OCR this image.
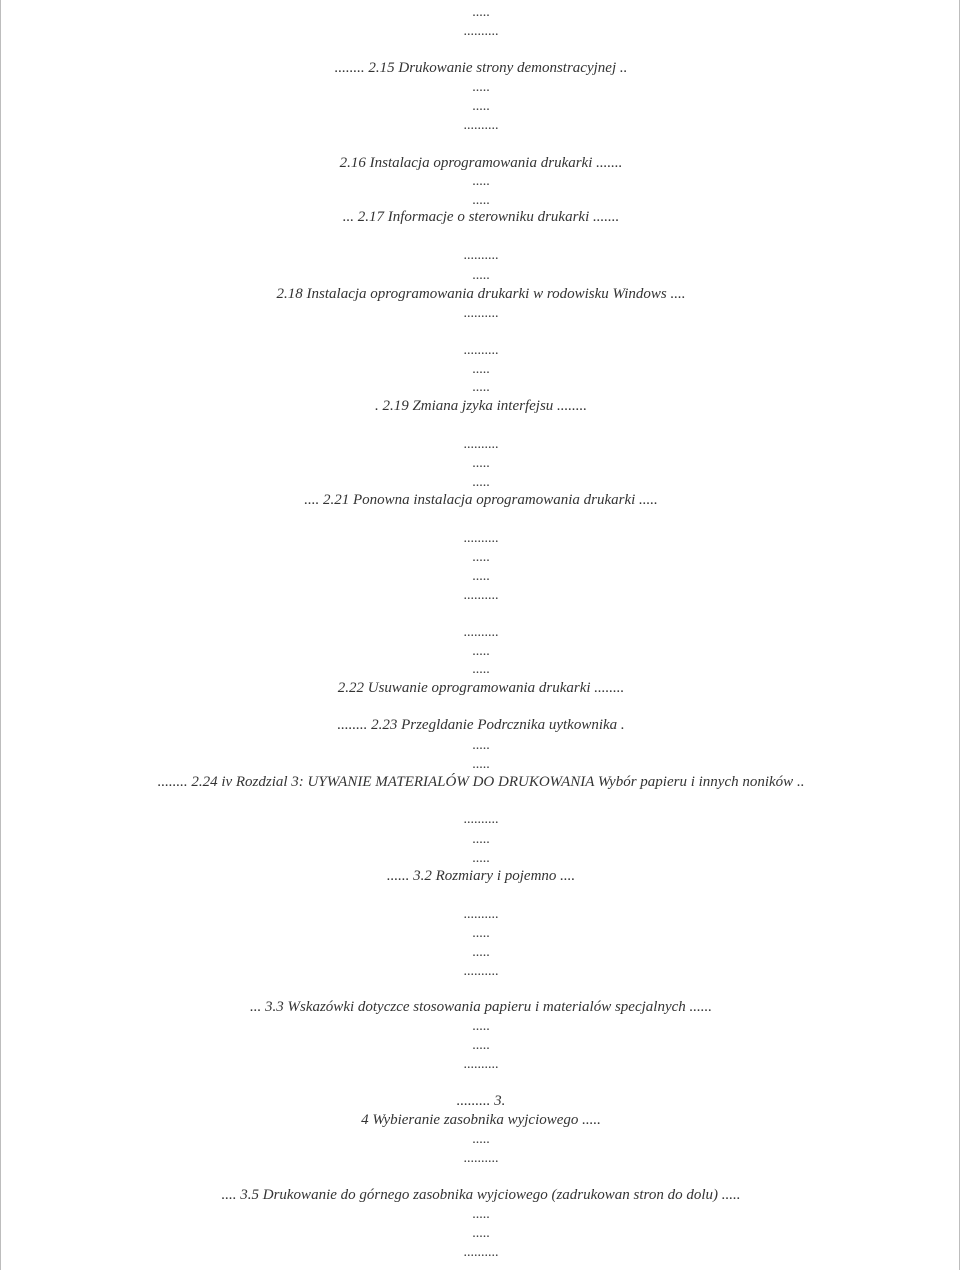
.....
..........
........ 2.15 Drukowanie strony demonstracyjnej ..
.....
.....
..........
2.16 Instalacja oprogramowania drukarki .......
.....
.....
... 2.17 Informacje o sterowniku drukarki .......
..........
.....
2.18 Instalacja oprogramowania drukarki w rodowisku Windows ....
..........
..........
.....
.....
. 2.19 Zmiana jzyka interfejsu ........
..........
.....
.....
.... 2.21 Ponowna instalacja oprogramowania drukarki .....
..........
.....
.....
..........
..........
.....
.....
2.22 Usuwanie oprogramowania drukarki ........
........ 2.23 Przegldanie Podrcznika uytkownika .
.....
.....
........ 2.24 iv Rozdzial 3: UYWANIE MATERIALÓW DO DRUKOWANIA Wybór papieru i innych noników ..
..........
.....
.....
...... 3.2 Rozmiary i pojemno ....
..........
.....
.....
..........
... 3.3 Wskazówki dotyczce stosowania papieru i materialów specjalnych ......
.....
.....
..........
......... 3.
4 Wybieranie zasobnika wyjciowego .....
.....
..........
.... 3.5 Drukowanie do górnego zasobnika wyjciowego (zadrukowan stron do dolu) .....
.....
.....
..........
